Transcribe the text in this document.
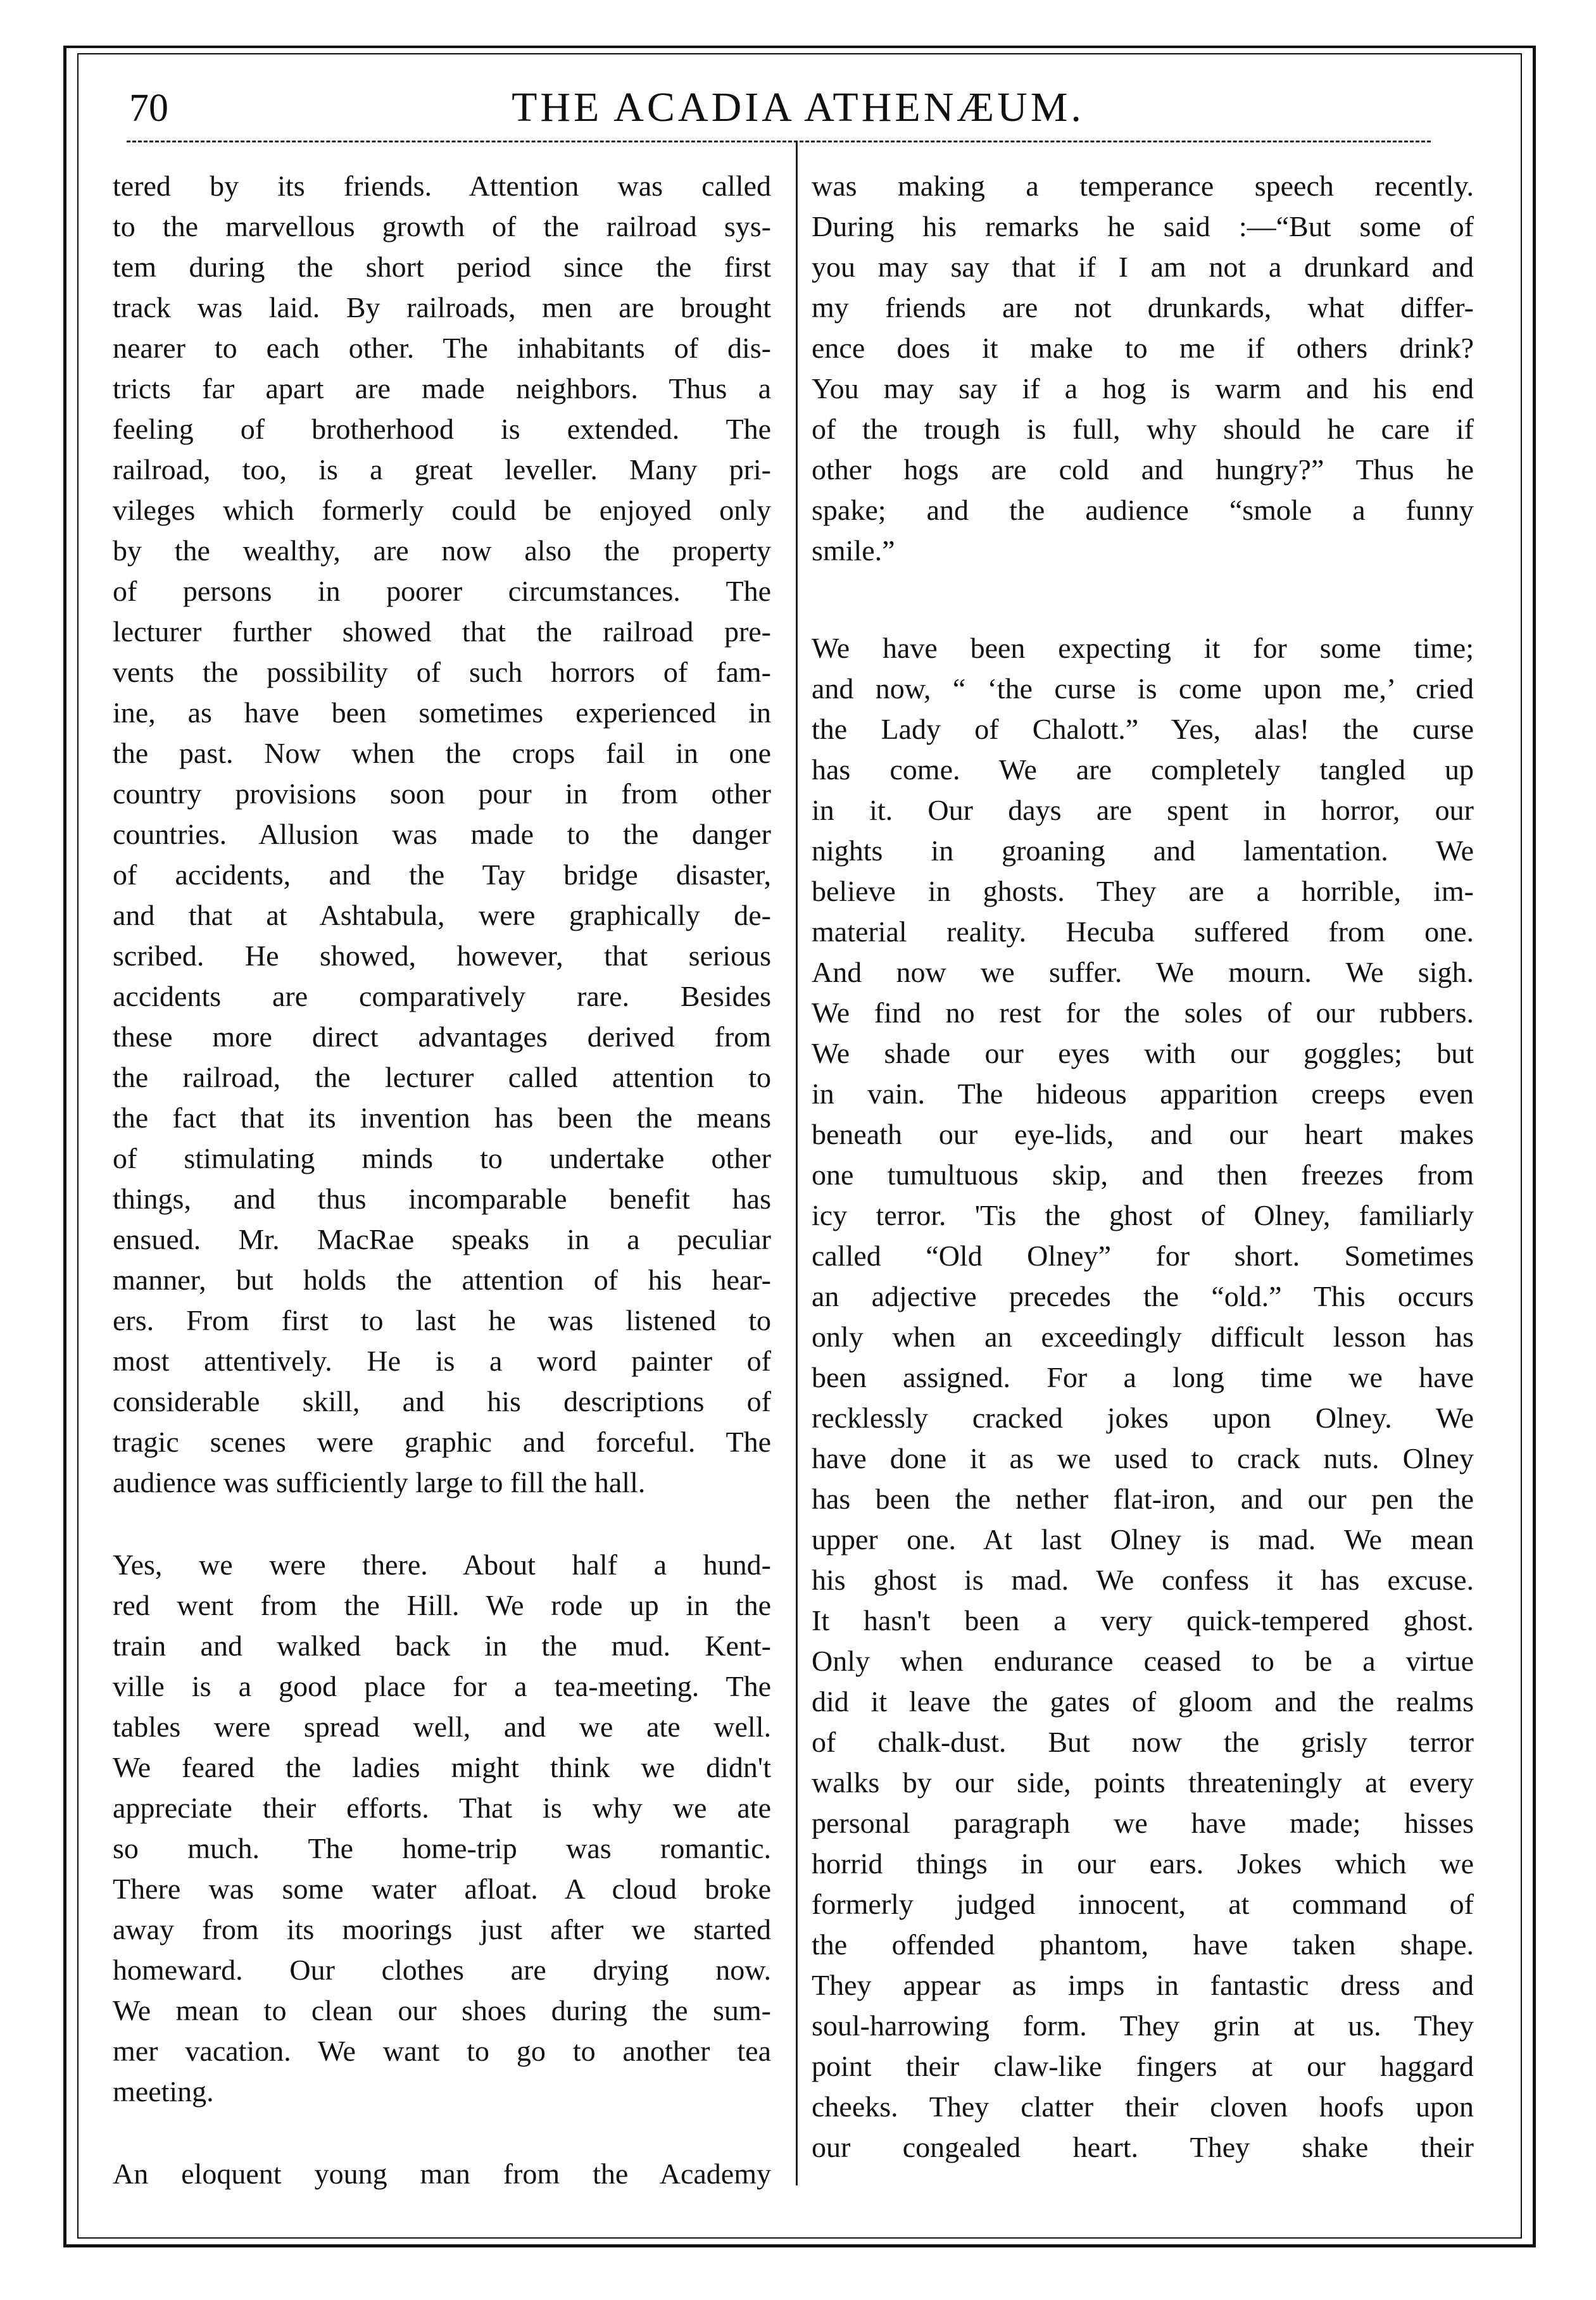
70	THE ACADIA ATHENÆUM.
tered by its friends. Attention was called
to the marvellous growth of the railroad sys-
tem during the short period since the first
track was laid. By railroads, men are brought
nearer to each other. The inhabitants of dis-
tricts far apart are made neighbors. Thus a
feeling of brotherhood is extended. The
railroad, too, is a great leveller. Many pri-
vileges which formerly could be enjoyed only
by the wealthy, are now also the property
of persons in poorer circumstances. The
lecturer further showed that the railroad pre-
vents the possibility of such horrors of fam-
ine, as have been sometimes experienced in
the past. Now when the crops fail in one
country provisions soon pour in from other
countries. Allusion was made to the danger
of accidents, and the Tay bridge disaster,
and that at Ashtabula, were graphically de-
scribed. He showed, however, that serious
accidents are comparatively rare. Besides
these more direct advantages derived from
the railroad, the lecturer called attention to
the fact that its invention has been the means
of stimulating minds to undertake other
things, and thus incomparable benefit has
ensued. Mr. MacRae speaks in a peculiar
manner, but holds the attention of his hear-
ers. From first to last he was listened to
most attentively. He is a word painter of
considerable skill, and his descriptions of
tragic scenes were graphic and forceful. The
audience was sufficiently large to fill the hall.
Yes, we were there. About half a hund-
red went from the Hill. We rode up in the
train and walked back in the mud. Kent-
ville is a good place for a tea-meeting. The
tables were spread well, and we ate well.
We feared the ladies might think we didn't
appreciate their efforts. That is why we ate
so much. The home-trip was romantic.
There was some water afloat. A cloud broke
away from its moorings just after we started
homeward. Our clothes are drying now.
We mean to clean our shoes during the sum-
mer vacation. We want to go to another tea
meeting.
An eloquent young man from the Academy
was making a temperance speech recently.
During his remarks he said :—“But some of
you may say that if I am not a drunkard and
my friends are not drunkards, what differ-
ence does it make to me if others drink?
You may say if a hog is warm and his end
of the trough is full, why should he care if
other hogs are cold and hungry?” Thus he
spake; and the audience “smole a funny
smile.”
We have been expecting it for some time;
and now, “ ‘the curse is come upon me,’ cried
the Lady of Chalott.” Yes, alas! the curse
has come. We are completely tangled up
in it. Our days are spent in horror, our
nights in groaning and lamentation. We
believe in ghosts. They are a horrible, im-
material reality. Hecuba suffered from one.
And now we suffer. We mourn. We sigh.
We find no rest for the soles of our rubbers.
We shade our eyes with our goggles; but
in vain. The hideous apparition creeps even
beneath our eye-lids, and our heart makes
one tumultuous skip, and then freezes from
icy terror. 'Tis the ghost of Olney, familiarly
called “Old Olney” for short. Sometimes
an adjective precedes the “old.” This occurs
only when an exceedingly difficult lesson has
been assigned. For a long time we have
recklessly cracked jokes upon Olney. We
have done it as we used to crack nuts. Olney
has been the nether flat-iron, and our pen the
upper one. At last Olney is mad. We mean
his ghost is mad. We confess it has excuse.
It hasn't been a very quick-tempered ghost.
Only when endurance ceased to be a virtue
did it leave the gates of gloom and the realms
of chalk-dust. But now the grisly terror
walks by our side, points threateningly at every
personal paragraph we have made; hisses
horrid things in our ears. Jokes which we
formerly judged innocent, at command of
the offended phantom, have taken shape.
They appear as imps in fantastic dress and
soul-harrowing form. They grin at us. They
point their claw-like fingers at our haggard
cheeks. They clatter their cloven hoofs upon
our congealed heart. They shake their
